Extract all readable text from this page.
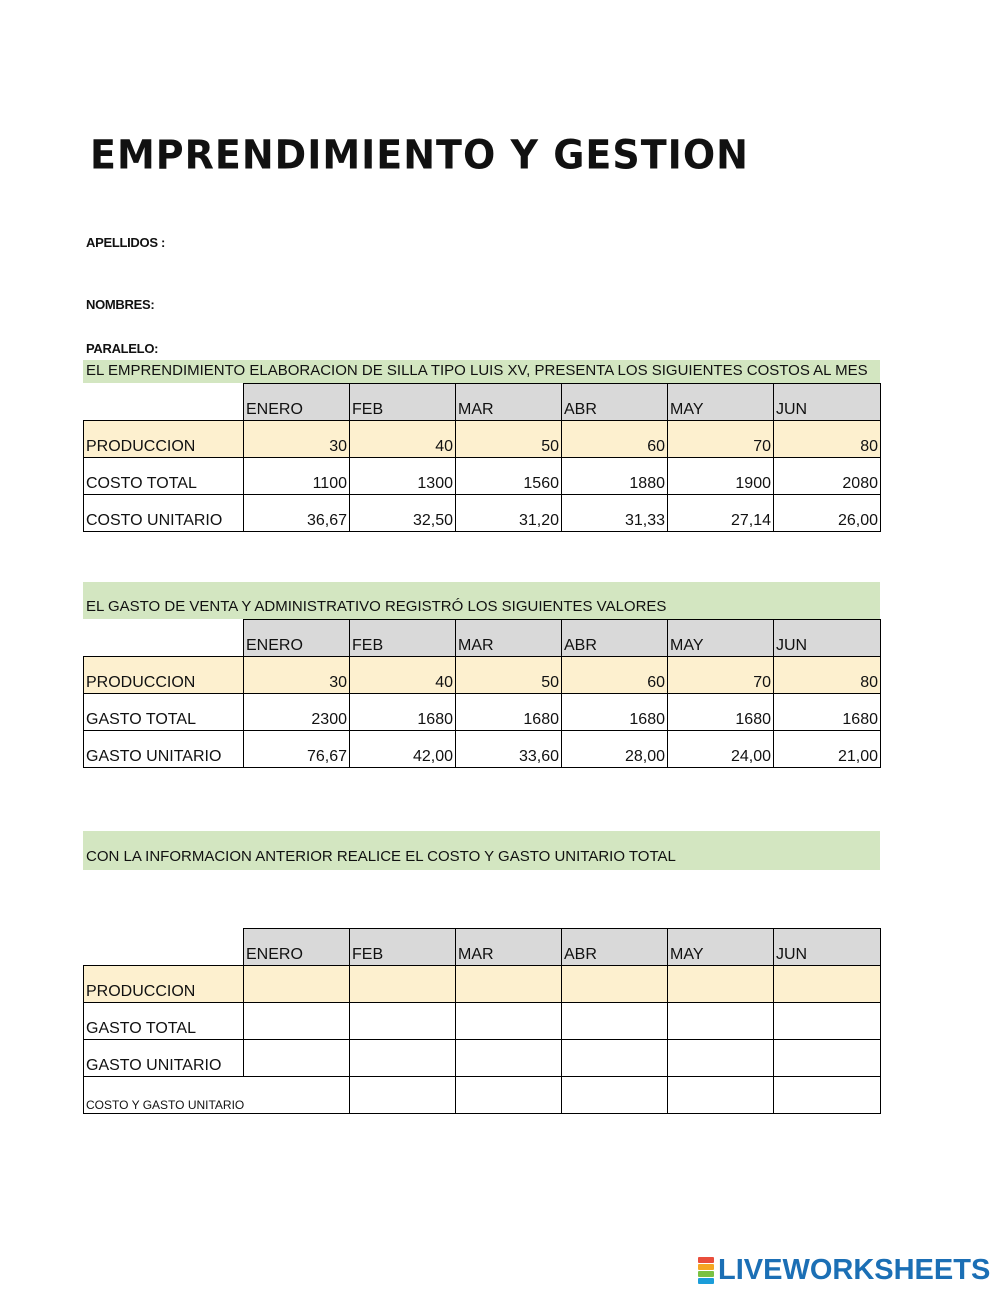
EMPRENDIMIENTO Y GESTION
APELLIDOS :
NOMBRES:
PARALELO:
EL EMPRENDIMIENTO ELABORACION DE SILLA TIPO LUIS XV, PRESENTA LOS SIGUIENTES COSTOS AL MES
	ENERO	FEB	MAR	ABR	MAY	JUN
PRODUCCION	30	40	50	60	70	80
COSTO TOTAL	1100	1300	1560	1880	1900	2080
COSTO UNITARIO	36,67	32,50	31,20	31,33	27,14	26,00
EL GASTO DE VENTA Y ADMINISTRATIVO REGISTRÓ LOS SIGUIENTES VALORES
	ENERO	FEB	MAR	ABR	MAY	JUN
PRODUCCION	30	40	50	60	70	80
GASTO TOTAL	2300	1680	1680	1680	1680	1680
GASTO UNITARIO	76,67	42,00	33,60	28,00	24,00	21,00
CON LA INFORMACION ANTERIOR REALICE EL COSTO Y GASTO UNITARIO TOTAL
	ENERO	FEB	MAR	ABR	MAY	JUN
PRODUCCION						
GASTO TOTAL						
GASTO UNITARIO						
COSTO Y GASTO UNITARIO						
LIVEWORKSHEETS
